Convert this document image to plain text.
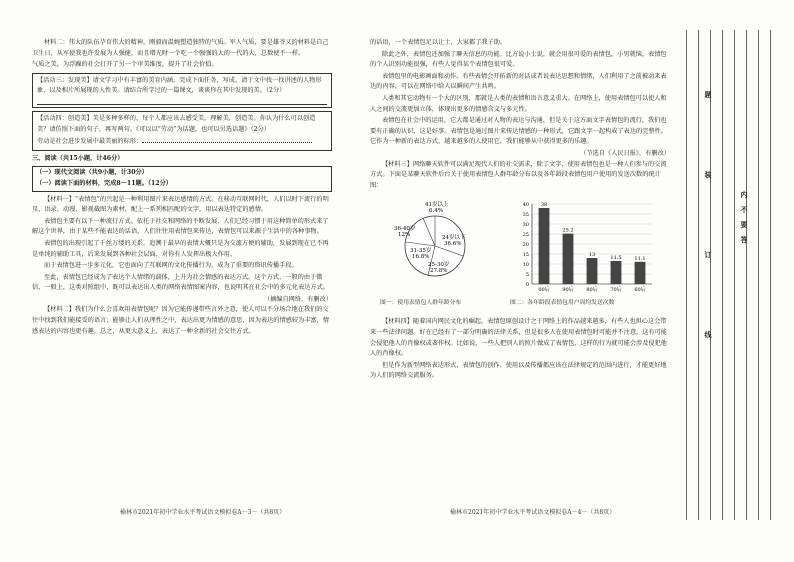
材料二：伟大的队伍孕育伟大的精神，刚毅而温婉塑造独特的气质。军人气质，要是雄爷又的材料是自己卫生日，从军使我也许发展为人强健，而且增光时一个吃一个强强的大的一代的大，总数使不一样。

气质之美，为浮躁的社会打开了另一个审美维度，提升了社会价值。

【活动三：发现美】请文学习中有丰富的美育内涵，完成下面任务，写成。请于文中找一找讲述的人物形象，以及相片所展现的人性美。请结合所学过的一篇课文，谈谈你在其中发现的美。（2分）
【活动四：创造美】美是多种多样的，每个人都应该去感受美，理解美，创造美。你认为什么可以创造美？请仿照下面的句子，再写两句。《可以以“劳动”为话题，也可以另选话题》（2分）
劳动是社会进步发展中最美丽的标形：
三、阅读（共15小题，计46分）
（一）现代文阅读（共9小题，计30分）
（一）阅读下面的材料，完成8～11题。（12分）

【材料一】“表情包”的兴起是一种利用图片来表达感情的方式。在移动互联网时代，人们以时下流行的明星、语录、动漫、影视截图为素材，配上一系列相匹配的文字，用以表达特定的感情。

表情包主要有以下一种流行方式。依托于社交和网络的不断发展，人们已经习惯于用这种简单的形式来了解这个世界，由于某些不能表达的话语，人们往往用表情包来传达，表情包可以来源于生活中的各种事物。

表情包的出现引起了千丝万缕的关系，追溯于最早的表情大概只是为交流方便的辅助，发展到现在已不再是单纯的辅助工具，后来发展到各种社会层面，对你有人发挥出极大作用。

而于表情包进一步多元化，它也面向了互联网的文化传播行为，成为了重要的资讯传播手段。

至此，表情包已经成为了表达个人情绪的载体，上升为社会情感的表达方式。这个方式，一般的由于微信，一般上，这类对照组中，既可以表达出人类的网络表情图案内容，也说明其在社会中的多元化表达方式。

（摘编自网络，有删改）

【材料二】我们为什么会喜欢用表情包呢？因为它能传递带些言外之意，使人可以不分场合地在我们的交往中找到我们能接受的语言；能够让人们从理性之中，表达出更为情感的意思，因为表达的情感较为丰富，情感表达的内容也更有趣，总之，从更大意义上，表达了一种全新的社会交往方式。

榆林市2021年初中学业水平考试语文模拟卷A－3－（共8页）

的话语，一个表情包足以让士，大家都了我子助。

除此之外，表情包还加强了聊天信息的功能。比方说小士说，就会用很可爱的表情包，小男就恼，表情包的个人识别功能很强，有些人觉得某个表情包很可爱。

表情包里的电影画面和动作。有些表情会开拓新的对话或者说表达思想和情绪，人们利用了之前被动来表达的内容，可以在网络中给人以瞬间产生共鸣。

人类和其它动物有一个大的区别，那就是人类的表情和语言意义重大。在网络上，使用表情包可以使人和人之间的交流更加立体，体现出更多的情感含义与多元性。

表情包在社会中的运用，它大都是通过对人物的表达与沟通，但是关于这方面文字表情包的流行，我们也要有正确的认识，这是好事。表情包是通过图片来传达情感的一种形式，它跟文字一起构成了表达的完整性。它作为一种新的表达方式，越来越多的人使用它，我们能够从中获得更多的乐趣。

（节选自《人民日报》，有删改）

【材料三】网络聊天软件可以满足现代人们的社交需求，除了文字，使用表情包也是一种人们参与的交流方式。下面是某聊天软件后台关于使用表情包人群年龄分布以及各年龄段表情包用户使用的发送次数的统计图：

41岁以上
6.4%
36-40岁
12%
31-35岁
16.8%
24岁以下
36.6%
25-30岁
27.8%
图一：使用表情包人群年龄分布
0
5
10
15
20
25
30
35
40 38
00后
25.2
90后
13
80后
11.5
70后
11.1
60后
图二：各年龄段表情包用户周均发送次数

【材料四】随着国内网民文化的崛起，表情包原创设计之于网络上的作品越来越多，有些人也担心这会带来一些法律问题。好在已经有了一部分明确的法律关系，但是很多人在使用表情包时可能并不注意，这有可能会侵犯他人的肖像权或著作权。比如说，一些人把别人的照片做成了表情包，这样的行为就可能会涉及侵犯他人的肖像权。

但是作为新型网络表达形式，表情包的创作、使用以及传播都应该在法律规定的范围内进行，才能更好地为人们的网络交流服务。

榆林市2021年初中学业水平考试语文模拟卷A－4－（共8页）
题
装
订
线
内
不
要
答
